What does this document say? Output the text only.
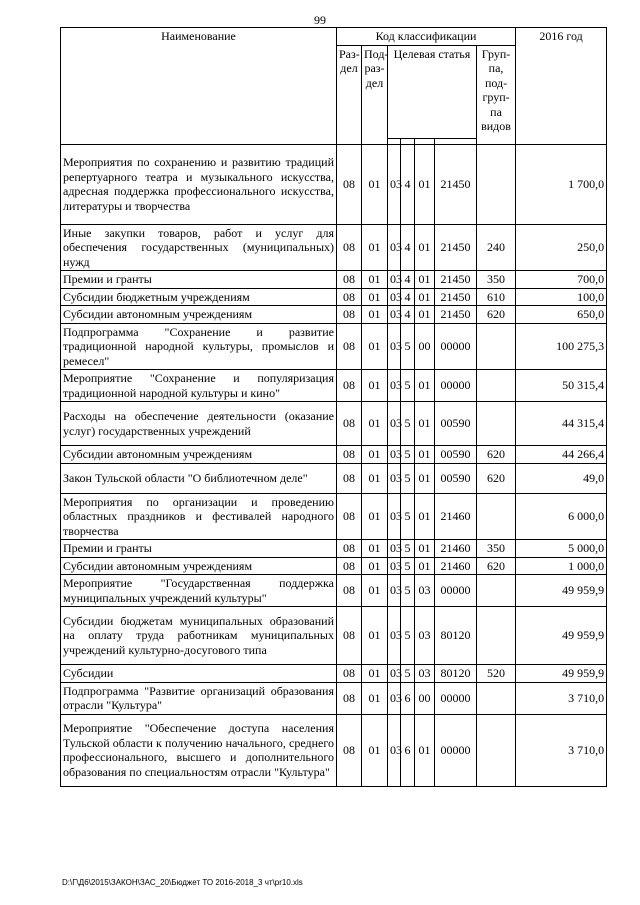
99
Наименование	Код классификации							2016 год
	Раз-дел	Под-раз-дел	Целевая статья				Груп-па, под-груп-па видов	

Мероприятия по сохранению и развитию традиций репертуарного театра и музыкального искусства, адресная поддержка профессионального искусства, литературы и творчества	08	01	03	4	01	21450		1 700,0
Иные закупки товаров, работ и услуг для обеспечения государственных (муниципальных) нужд	08	01	03	4	01	21450	240	250,0
Премии и гранты	08	01	03	4	01	21450	350	700,0
Субсидии бюджетным учреждениям	08	01	03	4	01	21450	610	100,0
Субсидии автономным учреждениям	08	01	03	4	01	21450	620	650,0
Подпрограмма "Сохранение и развитие традиционной народной культуры, промыслов и ремесел"	08	01	03	5	00	00000		100 275,3
Мероприятие "Сохранение и популяризация традиционной народной культуры и кино"	08	01	03	5	01	00000		50 315,4
Расходы на обеспечение деятельности (оказание услуг) государственных учреждений	08	01	03	5	01	00590		44 315,4
Субсидии автономным учреждениям	08	01	03	5	01	00590	620	44 266,4
Закон Тульской области "О библиотечном деле"	08	01	03	5	01	00590	620	49,0
Мероприятия по организации и проведению областных праздников и фестивалей народного творчества	08	01	03	5	01	21460		6 000,0
Премии и гранты	08	01	03	5	01	21460	350	5 000,0
Субсидии автономным учреждениям	08	01	03	5	01	21460	620	1 000,0
Мероприятие "Государственная поддержка муниципальных учреждений культуры"	08	01	03	5	03	00000		49 959,9
Субсидии бюджетам муниципальных образований на оплату труда работникам муниципальных учреждений культурно-досугового типа	08	01	03	5	03	80120		49 959,9
Субсидии	08	01	03	5	03	80120	520	49 959,9
Подпрограмма "Развитие организаций образования отрасли "Культура"	08	01	03	6	00	00000		3 710,0
Мероприятие "Обеспечение доступа населения Тульской области к получению начального, среднего профессионального, высшего и дополнительного образования по специальностям отрасли "Культура"	08	01	03	6	01	00000		3 710,0
D:\Г\Д6\2015\ЗАКОН\ЗАС_20\Бюджет ТО 2016-2018_3 чт\pr10.xls
